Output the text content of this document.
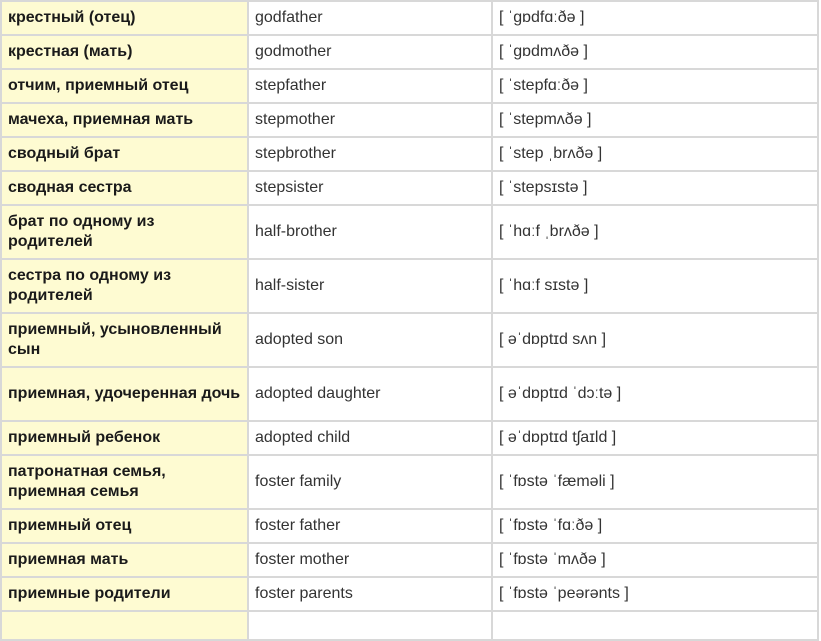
крестный (отец)	godfather	[ ˈɡɒdfɑːðə ]
крестная (мать)	godmother	[ ˈɡɒdmʌðə ]
отчим, приемный отец	stepfather	[ ˈstepfɑːðə ]
мачеха, приемная мать	stepmother	[ ˈstepmʌðə ]
сводный брат	stepbrother	[ ˈstep ˌbrʌðə ]
сводная сестра	stepsister	[ ˈstepsɪstə ]
брат по одному из родителей	half-brother	[ ˈhɑːf ˌbrʌðə ]
сестра по одному из родителей	half-sister	[ ˈhɑːf sɪstə ]
приемный, усыновленный сын	adopted son	[ əˈdɒptɪd sʌn ]
приемная, удочеренная дочь	adopted daughter	[ əˈdɒptɪd ˈdɔːtə ]
приемный ребенок	adopted child	[ əˈdɒptɪd tʃaɪld ]
патронатная семья, приемная семья	foster family	[ ˈfɒstə ˈfæməli ]
приемный отец	foster father	[ ˈfɒstə ˈfɑːðə ]
приемная мать	foster mother	[ ˈfɒstə ˈmʌðə ]
приемные родители	foster parents	[ ˈfɒstə ˈpeərənts ]
